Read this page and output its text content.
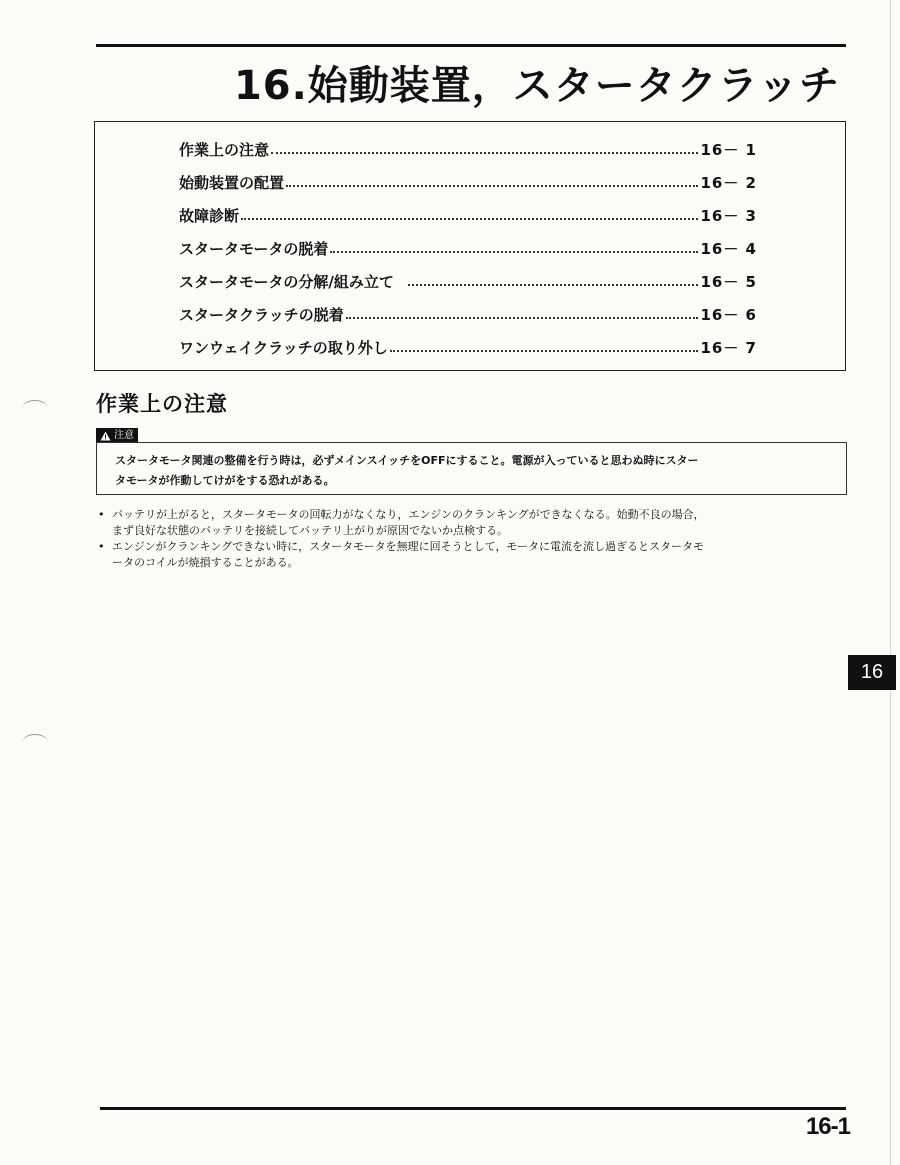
16.始動装置，スタータクラッチ
作業上の注意	16－ 1
始動装置の配置	16－ 2
故障診断	16－ 3
スタータモータの脱着	16－ 4
スタータモータの分解/組み立て	16－ 5
スタータクラッチの脱着	16－ 6
ワンウェイクラッチの取り外し	16－ 7
作業上の注意
注意

スタータモータ関連の整備を行う時は，必ずメインスイッチをOFFにすること。電源が入っていると思わぬ時にスター

タモータが作動してけがをする恐れがある。

• バッテリが上がると，スタータモータの回転力がなくなり，エンジンのクランキングができなくなる。始動不良の場合，

まず良好な状態のバッテリを接続してバッテリ上がりが原因でないか点検する。

• エンジンがクランキングできない時に，スタータモータを無理に回そうとして，モータに電流を流し過ぎるとスタータモ

ータのコイルが焼損することがある。

16

16-1
